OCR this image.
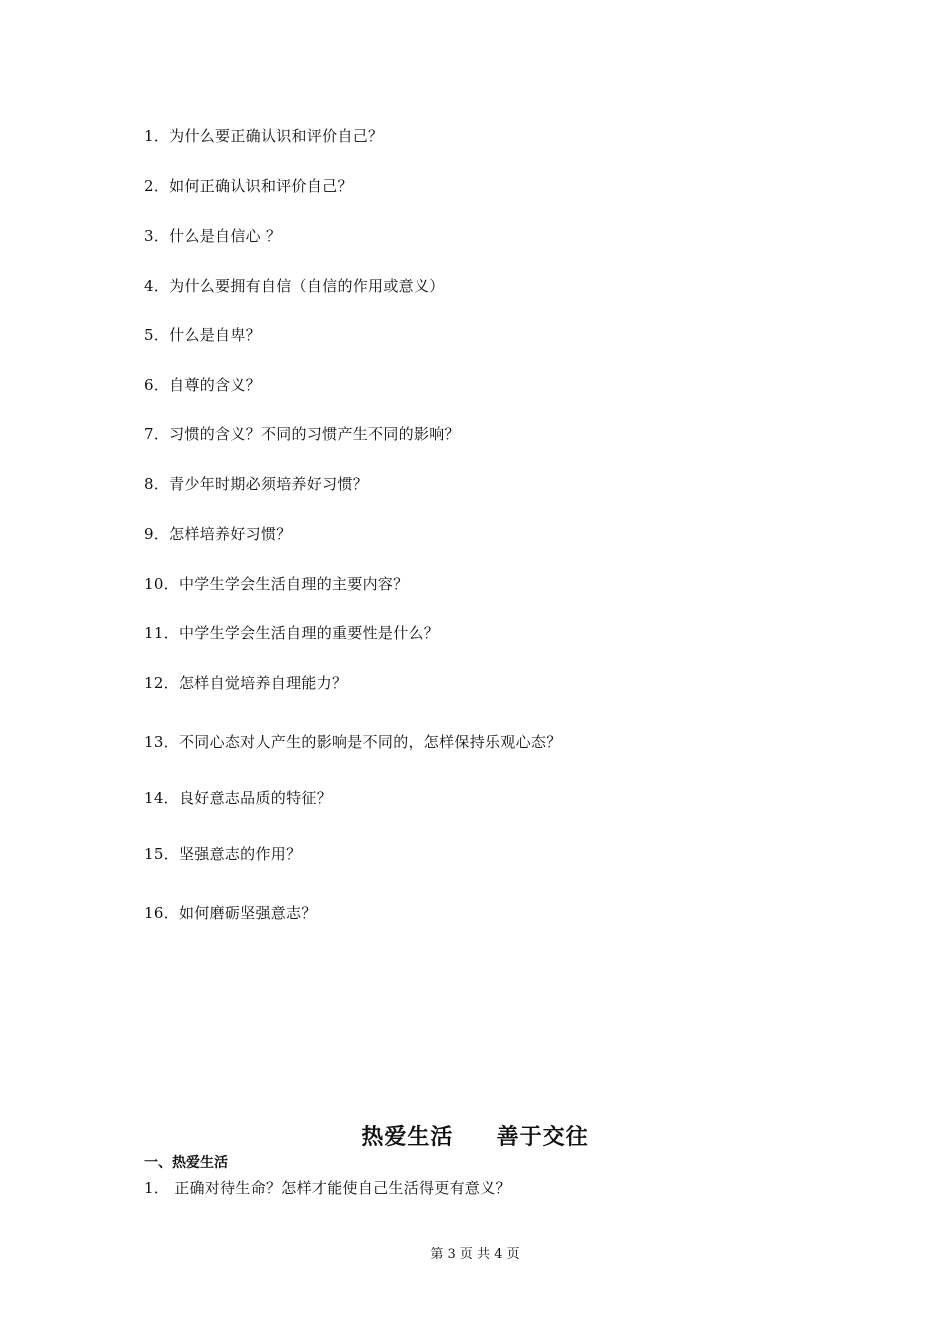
1．为什么要正确认识和评价自己？
2．如何正确认识和评价自己？
3．什么是自信心 ？
4．为什么要拥有自信（自信的作用或意义）
5．什么是自卑？
6．自尊的含义？
7．习惯的含义？不同的习惯产生不同的影响？
8．青少年时期必须培养好习惯？
9．怎样培养好习惯？
10．中学生学会生活自理的主要内容？
11．中学生学会生活自理的重要性是什么？
12．怎样自觉培养自理能力？
13．不同心态对人产生的影响是不同的，怎样保持乐观心态？
14．良好意志品质的特征？
15．坚强意志的作用？
16．如何磨砺坚强意志？
热爱生活     善于交往
一、热爱生活
1． 正确对待生命？怎样才能使自己生活得更有意义？
第 3 页 共 4 页
